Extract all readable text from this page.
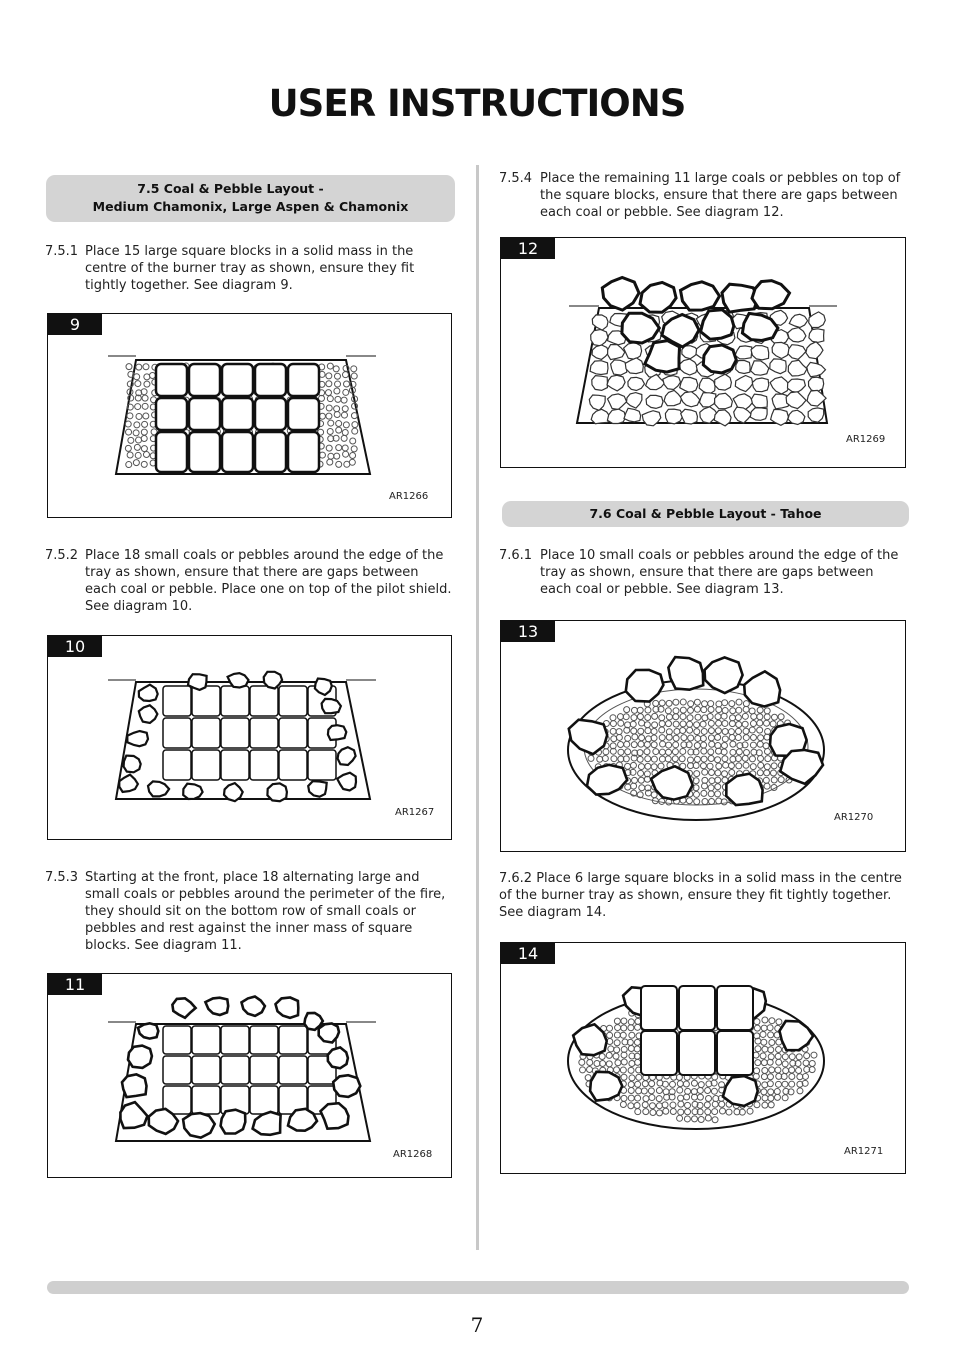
USER INSTRUCTIONS
7.5 Coal & Pebble Layout -
Medium Chamonix, Large Aspen & Chamonix
7.5.1 Place 15 large square blocks in a solid mass in the centre of the burner tray as shown, ensure they fit tightly together. See diagram 9.
9
AR1266
7.5.2 Place 18 small coals or pebbles around the edge of the tray as shown, ensure that there are gaps between each coal or pebble. Place one on top of the pilot shield. See diagram 10.
10
AR1267
7.5.3 Starting at the front, place 18 alternating large and small coals or pebbles around the perimeter of the fire, they should sit on the bottom row of small coals or pebbles and rest against the inner mass of square blocks. See diagram 11.
11
AR1268
7.5.4 Place the remaining 11 large coals or pebbles on top of the square blocks, ensure that there are gaps between each coal or pebble. See diagram 12.
12
AR1269
7.6 Coal & Pebble Layout - Tahoe
7.6.1 Place 10 small coals or pebbles around the edge of the tray as shown, ensure that there are gaps between each coal or pebble. See diagram 13.
13
AR1270
7.6.2 Place 6 large square blocks in a solid mass in the centre of the burner tray as shown, ensure they fit tightly together. See diagram 14.
14
AR1271
7
